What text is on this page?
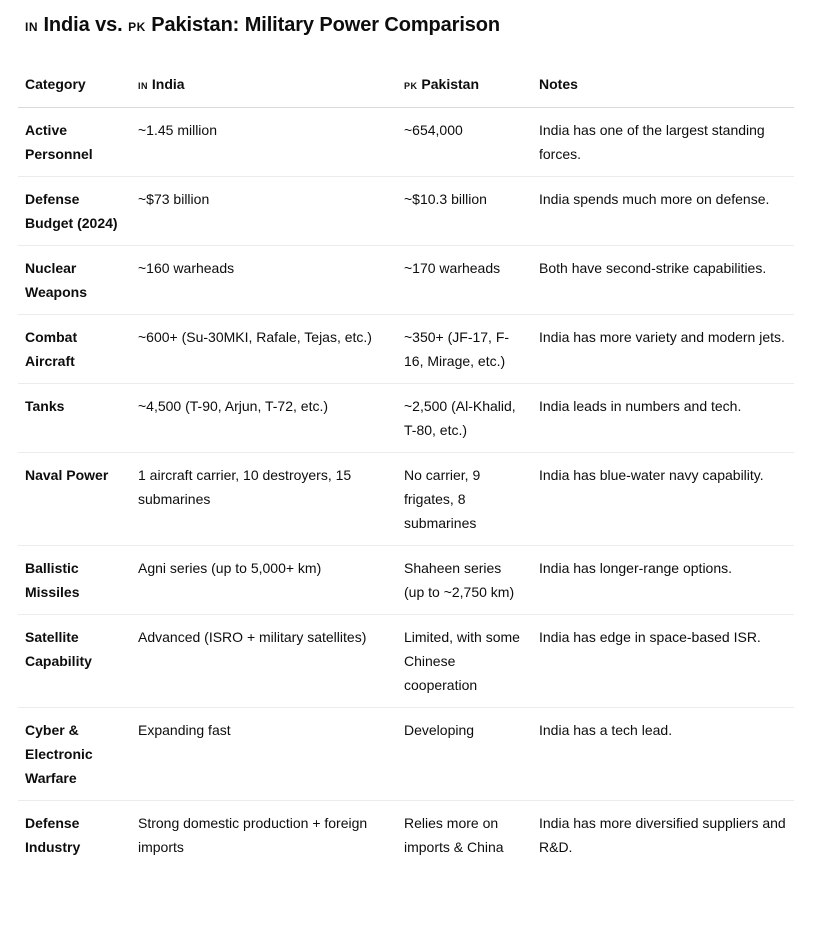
IN India vs. PK Pakistan: Military Power Comparison
Category	IN India	PK Pakistan	Notes
Active Personnel	~1.45 million	~654,000	India has one of the largest standing forces.
Defense Budget (2024)	~$73 billion	~$10.3 billion	India spends much more on defense.
Nuclear Weapons	~160 warheads	~170 warheads	Both have second-strike capabilities.
Combat Aircraft	~600+ (Su-30MKI, Rafale, Tejas, etc.)	~350+ (JF-17, F-16, Mirage, etc.)	India has more variety and modern jets.
Tanks	~4,500 (T-90, Arjun, T-72, etc.)	~2,500 (Al-Khalid, T-80, etc.)	India leads in numbers and tech.
Naval Power	1 aircraft carrier, 10 destroyers, 15 submarines	No carrier, 9 frigates, 8 submarines	India has blue-water navy capability.
Ballistic Missiles	Agni series (up to 5,000+ km)	Shaheen series (up to ~2,750 km)	India has longer-range options.
Satellite Capability	Advanced (ISRO + military satellites)	Limited, with some Chinese cooperation	India has edge in space-based ISR.
Cyber & Electronic Warfare	Expanding fast	Developing	India has a tech lead.
Defense Industry	Strong domestic production + foreign imports	Relies more on imports & China	India has more diversified suppliers and R&D.
